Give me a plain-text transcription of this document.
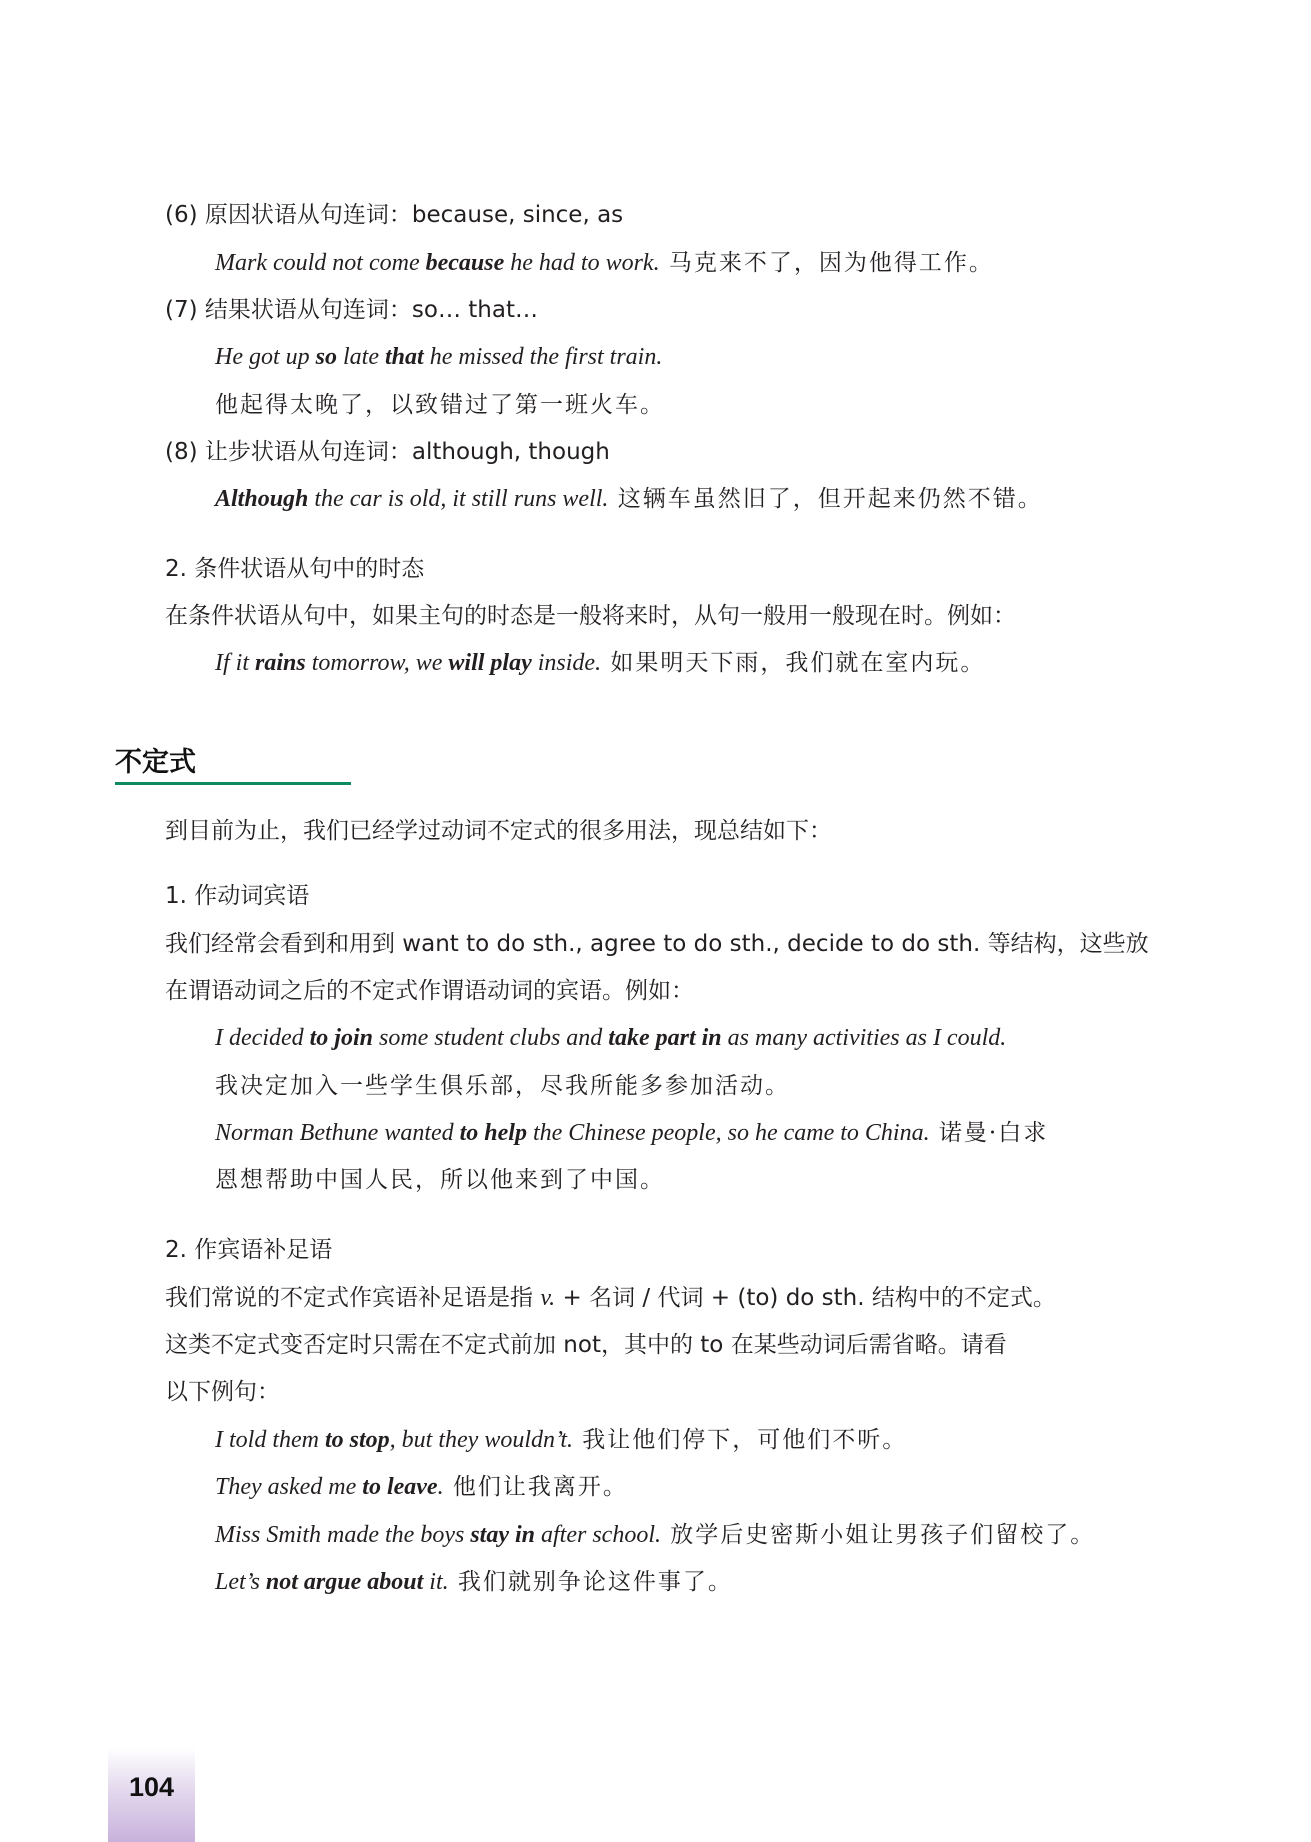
(6) 原因状语从句连词：because, since, as
Mark could not come because he had to work. 马克来不了，因为他得工作。
(7) 结果状语从句连词：so… that…
He got up so late that he missed the first train.
他起得太晚了，以致错过了第一班火车。
(8) 让步状语从句连词：although, though
Although the car is old, it still runs well. 这辆车虽然旧了，但开起来仍然不错。
2. 条件状语从句中的时态
在条件状语从句中，如果主句的时态是一般将来时，从句一般用一般现在时。例如：
If it rains tomorrow, we will play inside. 如果明天下雨，我们就在室内玩。
不定式
到目前为止，我们已经学过动词不定式的很多用法，现总结如下：
1. 作动词宾语
我们经常会看到和用到 want to do sth., agree to do sth., decide to do sth. 等结构，这些放
在谓语动词之后的不定式作谓语动词的宾语。例如：
I decided to join some student clubs and take part in as many activities as I could.
我决定加入一些学生俱乐部，尽我所能多参加活动。
Norman Bethune wanted to help the Chinese people, so he came to China. 诺曼·白求
恩想帮助中国人民，所以他来到了中国。
2. 作宾语补足语
我们常说的不定式作宾语补足语是指 v. + 名词 / 代词 + (to) do sth. 结构中的不定式。
这类不定式变否定时只需在不定式前加 not，其中的 to 在某些动词后需省略。请看
以下例句：
I told them to stop, but they wouldn’t. 我让他们停下，可他们不听。
They asked me to leave. 他们让我离开。
Miss Smith made the boys stay in after school. 放学后史密斯小姐让男孩子们留校了。
Let’s not argue about it. 我们就别争论这件事了。
104
